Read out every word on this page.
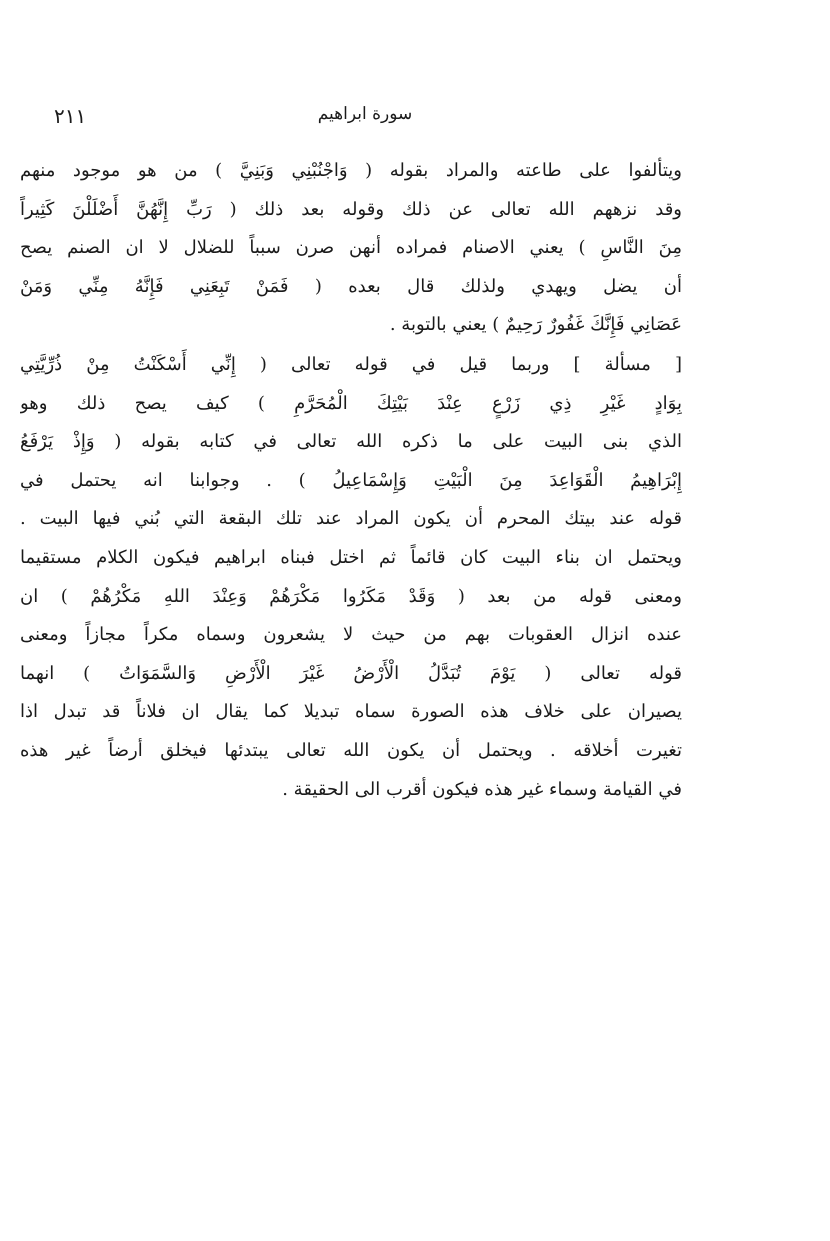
٢١١	سورة ابراهيم
ويتألفوا على طاعته والمراد بقوله ( وَاجْنُبْنِي وَبَنِيَّ ) من هو موجود منهم
وقد نزههم الله تعالى عن ذلك وقوله بعد ذلك ( رَبِّ إِنَّهُنَّ أَضْلَلْنَ كَثِيراً
مِنَ النَّاسِ ) يعني الاصنام فمراده أنهن صرن سبباً للضلال لا ان الصنم يصح
أن يضل ويهدي ولذلك قال بعده ( فَمَنْ تَبِعَنِي فَإِنَّهُ مِنِّي وَمَنْ
عَصَانِي فَإِنَّكَ غَفُورٌ رَحِيمٌ ) يعني بالتوبة .
[ مسألة ] وربما قيل في قوله تعالى ( إِنِّي أَسْكَنْتُ مِنْ ذُرِّيَّتِي
بِوَادٍ غَيْرِ ذِي زَرْعٍ عِنْدَ بَيْتِكَ الْمُحَرَّمِ ) كيف يصح ذلك وهو
الذي بنى البيت على ما ذكره الله تعالى في كتابه بقوله ( وَإِذْ يَرْفَعُ
إِبْرَاهِيمُ الْقَوَاعِدَ مِنَ الْبَيْتِ وَإِسْمَاعِيلُ ) . وجوابنا انه يحتمل في
قوله عند بيتك المحرم أن يكون المراد عند تلك البقعة التي بُني فيها البيت .
ويحتمل ان بناء البيت كان قائماً ثم اختل فبناه ابراهيم فيكون الكلام مستقيما
ومعنى قوله من بعد ( وَقَدْ مَكَرُوا مَكْرَهُمْ وَعِنْدَ اللهِ مَكْرُهُمْ ) ان
عنده انزال العقوبات بهم من حيث لا يشعرون وسماه مكراً مجازاً ومعنى
قوله تعالى ( يَوْمَ تُبَدَّلُ الْأَرْضُ غَيْرَ الْأَرْضِ وَالسَّمَوَاتُ ) انهما
يصيران على خلاف هذه الصورة سماه تبديلا كما يقال ان فلاناً قد تبدل اذا
تغيرت أخلاقه . ويحتمل أن يكون الله تعالى يبتدئها فيخلق أرضاً غير هذه
في القيامة وسماء غير هذه فيكون أقرب الى الحقيقة .
